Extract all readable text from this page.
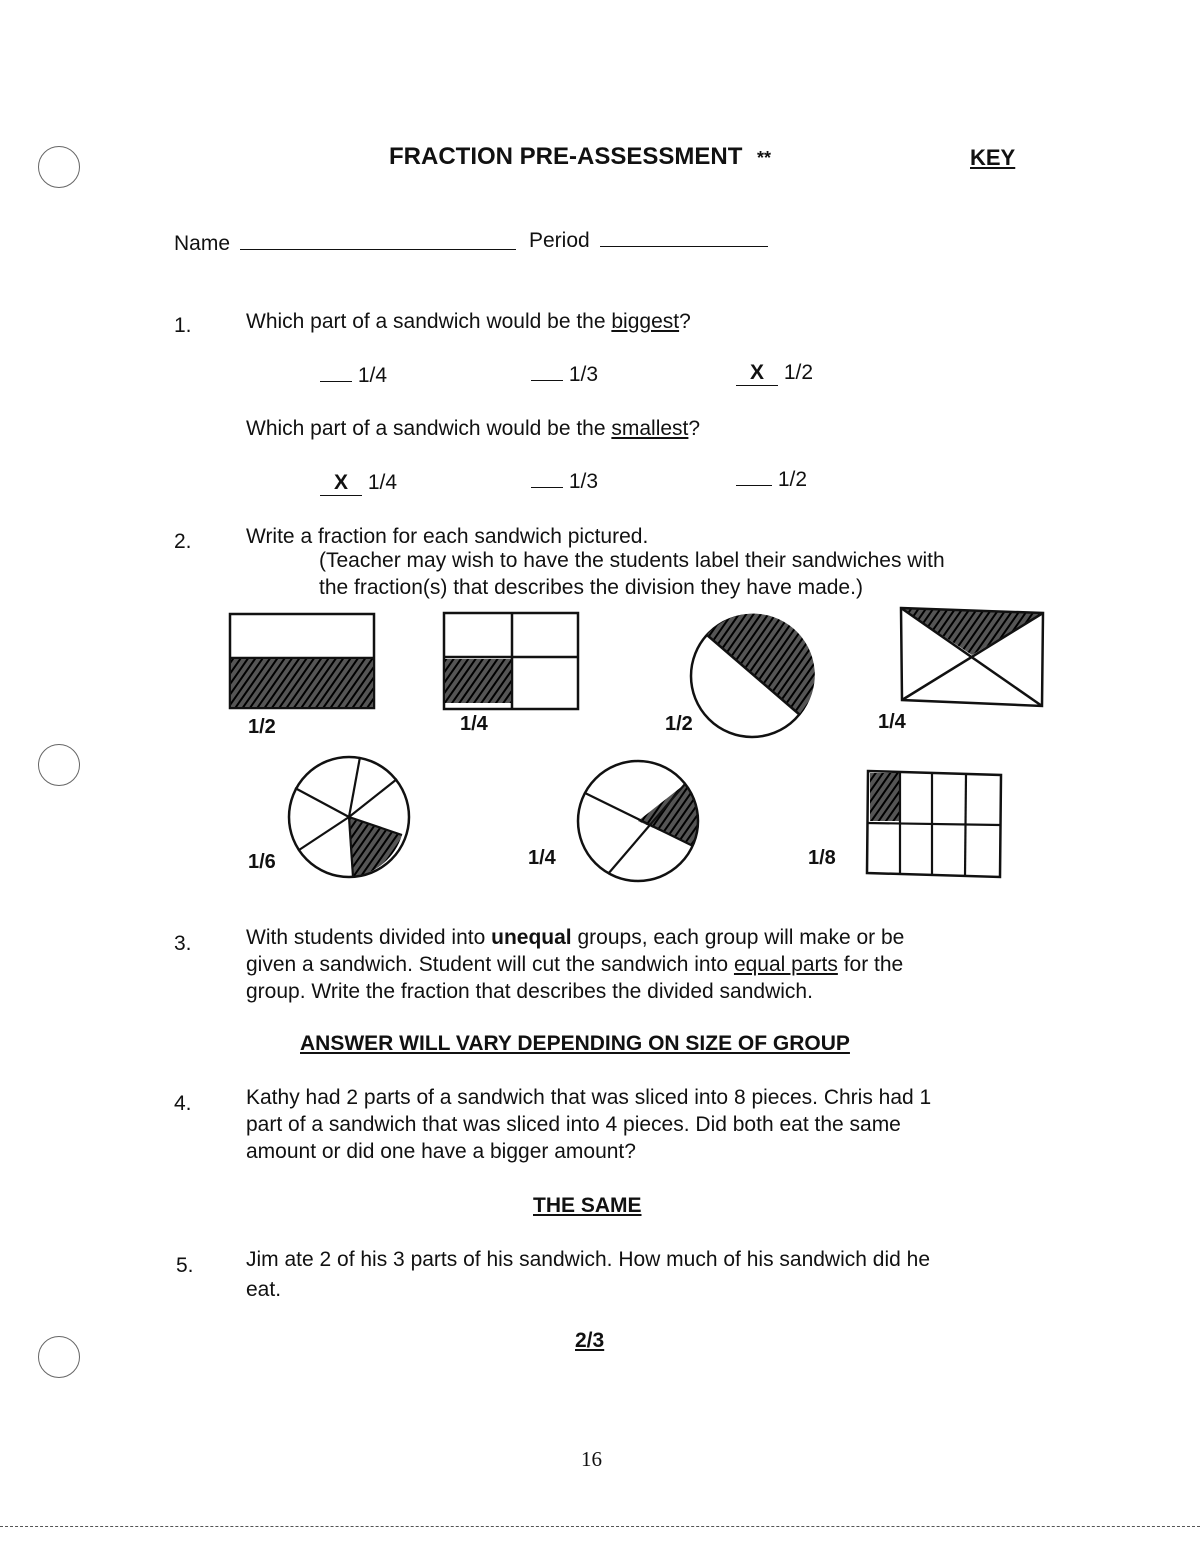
FRACTION PRE-ASSESSMENT **	KEY
Name	Period
1.	Which part of a sandwich would be the biggest?
1/4	1/3	X 1/2
Which part of a sandwich would be the smallest?
X 1/4	1/3	1/2
2.	Write a fraction for each sandwich pictured.
(Teacher may wish to have the students label their sandwiches with
the fraction(s) that describes the division they have made.)
1/2	1/4	1/2	1/4
1/6	1/4	1/8
3.	With students divided into unequal groups, each group will make or be
given a sandwich. Student will cut the sandwich into equal parts for the
group. Write the fraction that describes the divided sandwich.
ANSWER WILL VARY DEPENDING ON SIZE OF GROUP
4.	Kathy had 2 parts of a sandwich that was sliced into 8 pieces. Chris had 1
part of a sandwich that was sliced into 4 pieces. Did both eat the same
amount or did one have a bigger amount?
THE SAME
5. Jim ate 2 of his 3 parts of his sandwich. How much of his sandwich did he
eat.
2/3
16
